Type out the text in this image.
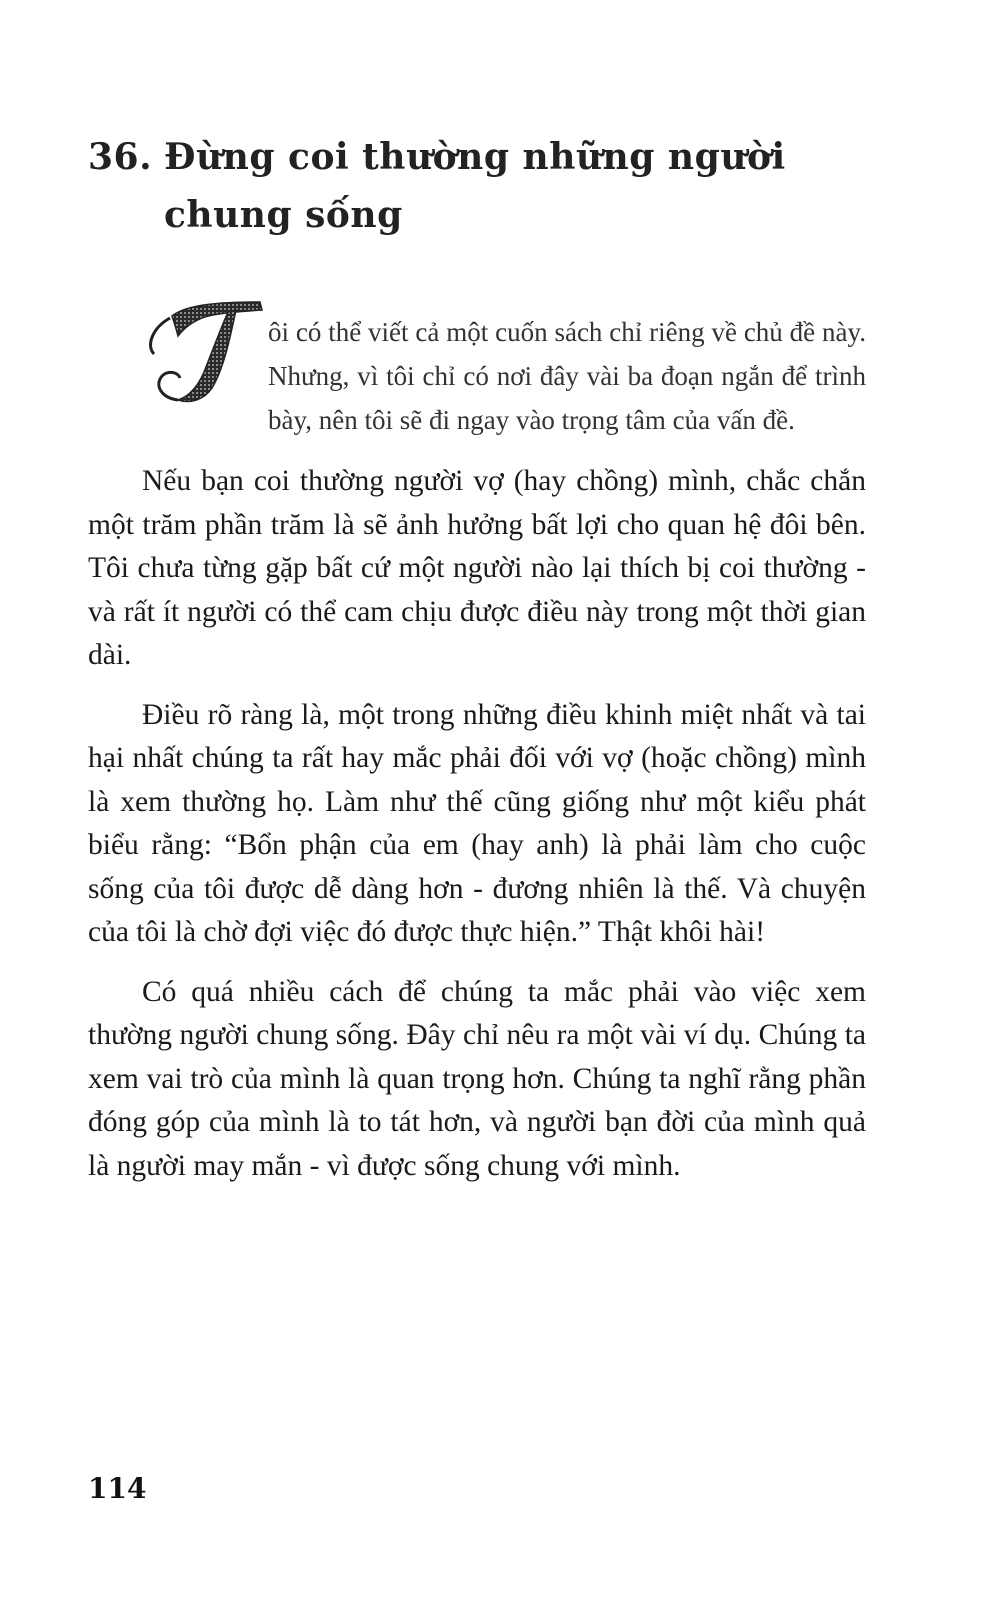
36. Đừng coi thường những người
chung sống

ôi có thể viết cả một cuốn sách chỉ riêng về chủ đề này. Nhưng, vì tôi chỉ có nơi đây vài ba đoạn ngắn để trình bày, nên tôi sẽ đi ngay vào trọng tâm của vấn đề.

Nếu bạn coi thường người vợ (hay chồng) mình, chắc chắn một trăm phần trăm là sẽ ảnh hưởng bất lợi cho quan hệ đôi bên. Tôi chưa từng gặp bất cứ một người nào lại thích bị coi thường - và rất ít người có thể cam chịu được điều này trong một thời gian dài.

Điều rõ ràng là, một trong những điều khinh miệt nhất và tai hại nhất chúng ta rất hay mắc phải đối với vợ (hoặc chồng) mình là xem thường họ. Làm như thế cũng giống như một kiểu phát biểu rằng: “Bổn phận của em (hay anh) là phải làm cho cuộc sống của tôi được dễ dàng hơn - đương nhiên là thế. Và chuyện của tôi là chờ đợi việc đó được thực hiện.” Thật khôi hài!

Có quá nhiều cách để chúng ta mắc phải vào việc xem thường người chung sống. Đây chỉ nêu ra một vài ví dụ. Chúng ta xem vai trò của mình là quan trọng hơn. Chúng ta nghĩ rằng phần đóng góp của mình là to tát hơn, và người bạn đời của mình quả là người may mắn - vì được sống chung với mình.

114
